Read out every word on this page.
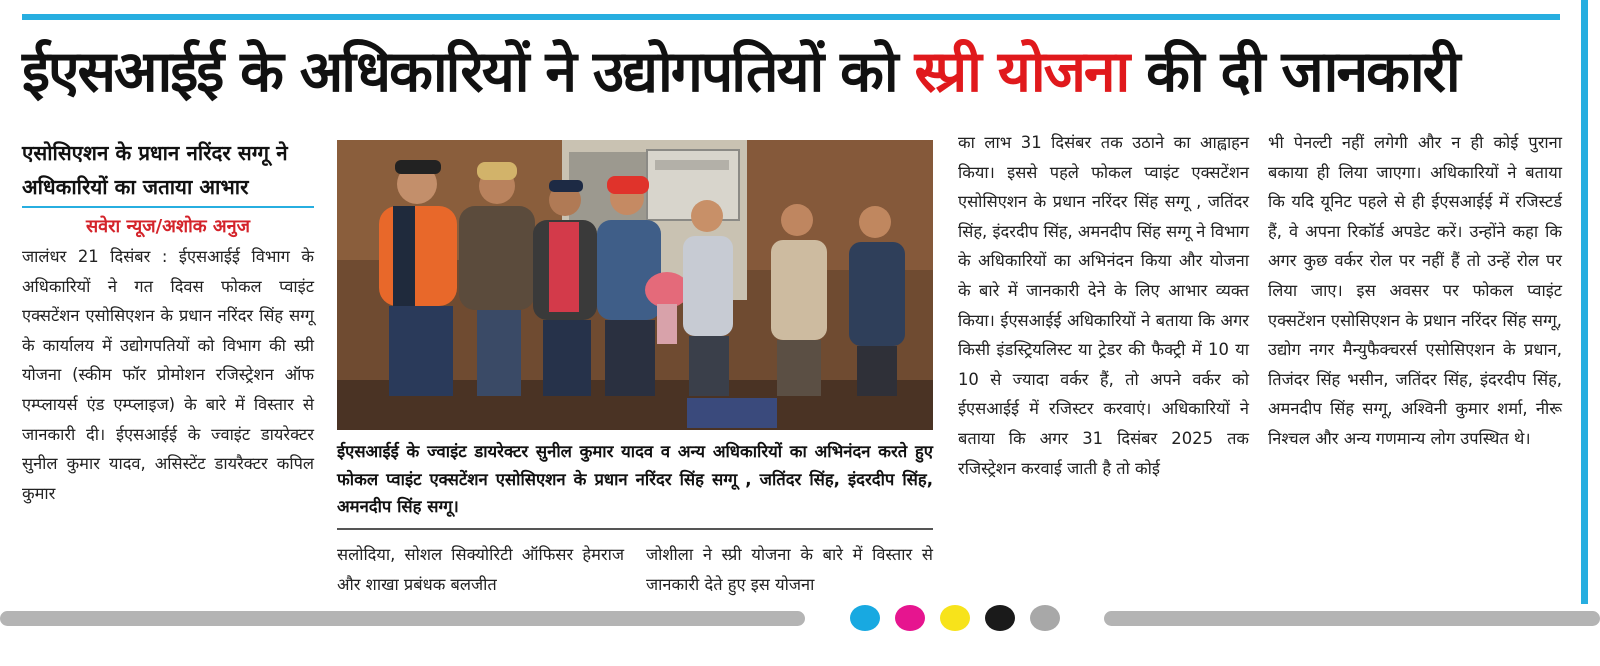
ईएसआईई के अधिकारियों ने उद्योगपतियों को स्प्री योजना की दी जानकारी

एसोसिएशन के प्रधान नरिंदर सग्गू ने अधिकारियों का जताया आभार

सवेरा न्यूज/अशोक अनुज

जालंधर 21 दिसंबर : ईएसआईई विभाग के अधिकारियों ने गत दिवस फोकल प्वाइंट एक्सटेंशन एसोसिएशन के प्रधान नरिंदर सिंह सग्गू के कार्यालय में उद्योगपतियों को विभाग की स्प्री योजना (स्कीम फॉर प्रोमोशन रजिस्ट्रेशन ऑफ एम्प्लायर्स एंड एम्प्लाइज) के बारे में विस्तार से जानकारी दी। ईएसआईई के ज्वाइंट डायरेक्टर सुनील कुमार यादव, असिस्टेंट डायरैक्टर कपिल कुमार

ईएसआईई के ज्वाइंट डायरेक्टर सुनील कुमार यादव व अन्य अधिकारियों का अभिनंदन करते हुए फोकल प्वाइंट एक्सटेंशन एसोसिएशन के प्रधान नरिंदर सिंह सग्गू , जतिंदर सिंह, इंदरदीप सिंह, अमनदीप सिंह सग्गू।

सलोदिया, सोशल सिक्योरिटी ऑफिसर हेमराज और शाखा प्रबंधक बलजीत

जोशीला ने स्प्री योजना के बारे में विस्तार से जानकारी देते हुए इस योजना

का लाभ 31 दिसंबर तक उठाने का आह्वाहन किया। इससे पहले फोकल प्वाइंट एक्सटेंशन एसोसिएशन के प्रधान नरिंदर सिंह सग्गू , जतिंदर सिंह, इंदरदीप सिंह, अमनदीप सिंह सग्गू ने विभाग के अधिकारियों का अभिनंदन किया और योजना के बारे में जानकारी देने के लिए आभार व्यक्त किया। ईएसआईई अधिकारियों ने बताया कि अगर किसी इंडस्ट्रियलिस्ट या ट्रेडर की फैक्ट्री में 10 या 10 से ज्यादा वर्कर हैं, तो अपने वर्कर को ईएसआईई में रजिस्टर करवाएं। अधिकारियों ने बताया कि अगर 31 दिसंबर 2025 तक रजिस्ट्रेशन करवाई जाती है तो कोई

भी पेनल्टी नहीं लगेगी और न ही कोई पुराना बकाया ही लिया जाएगा। अधिकारियों ने बताया कि यदि यूनिट पहले से ही ईएसआईई में रजिस्टर्ड हैं, वे अपना रिकॉर्ड अपडेट करें। उन्होंने कहा कि अगर कुछ वर्कर रोल पर नहीं हैं तो उन्हें रोल पर लिया जाए। इस अवसर पर फोकल प्वाइंट एक्सटेंशन एसोसिएशन के प्रधान नरिंदर सिंह सग्गू, उद्योग नगर मैन्युफैक्चरर्स एसोसिएशन के प्रधान, तिजंदर सिंह भसीन, जतिंदर सिंह, इंदरदीप सिंह, अमनदीप सिंह सग्गू, अश्विनी कुमार शर्मा, नीरू निश्चल और अन्य गणमान्य लोग उपस्थित थे।
